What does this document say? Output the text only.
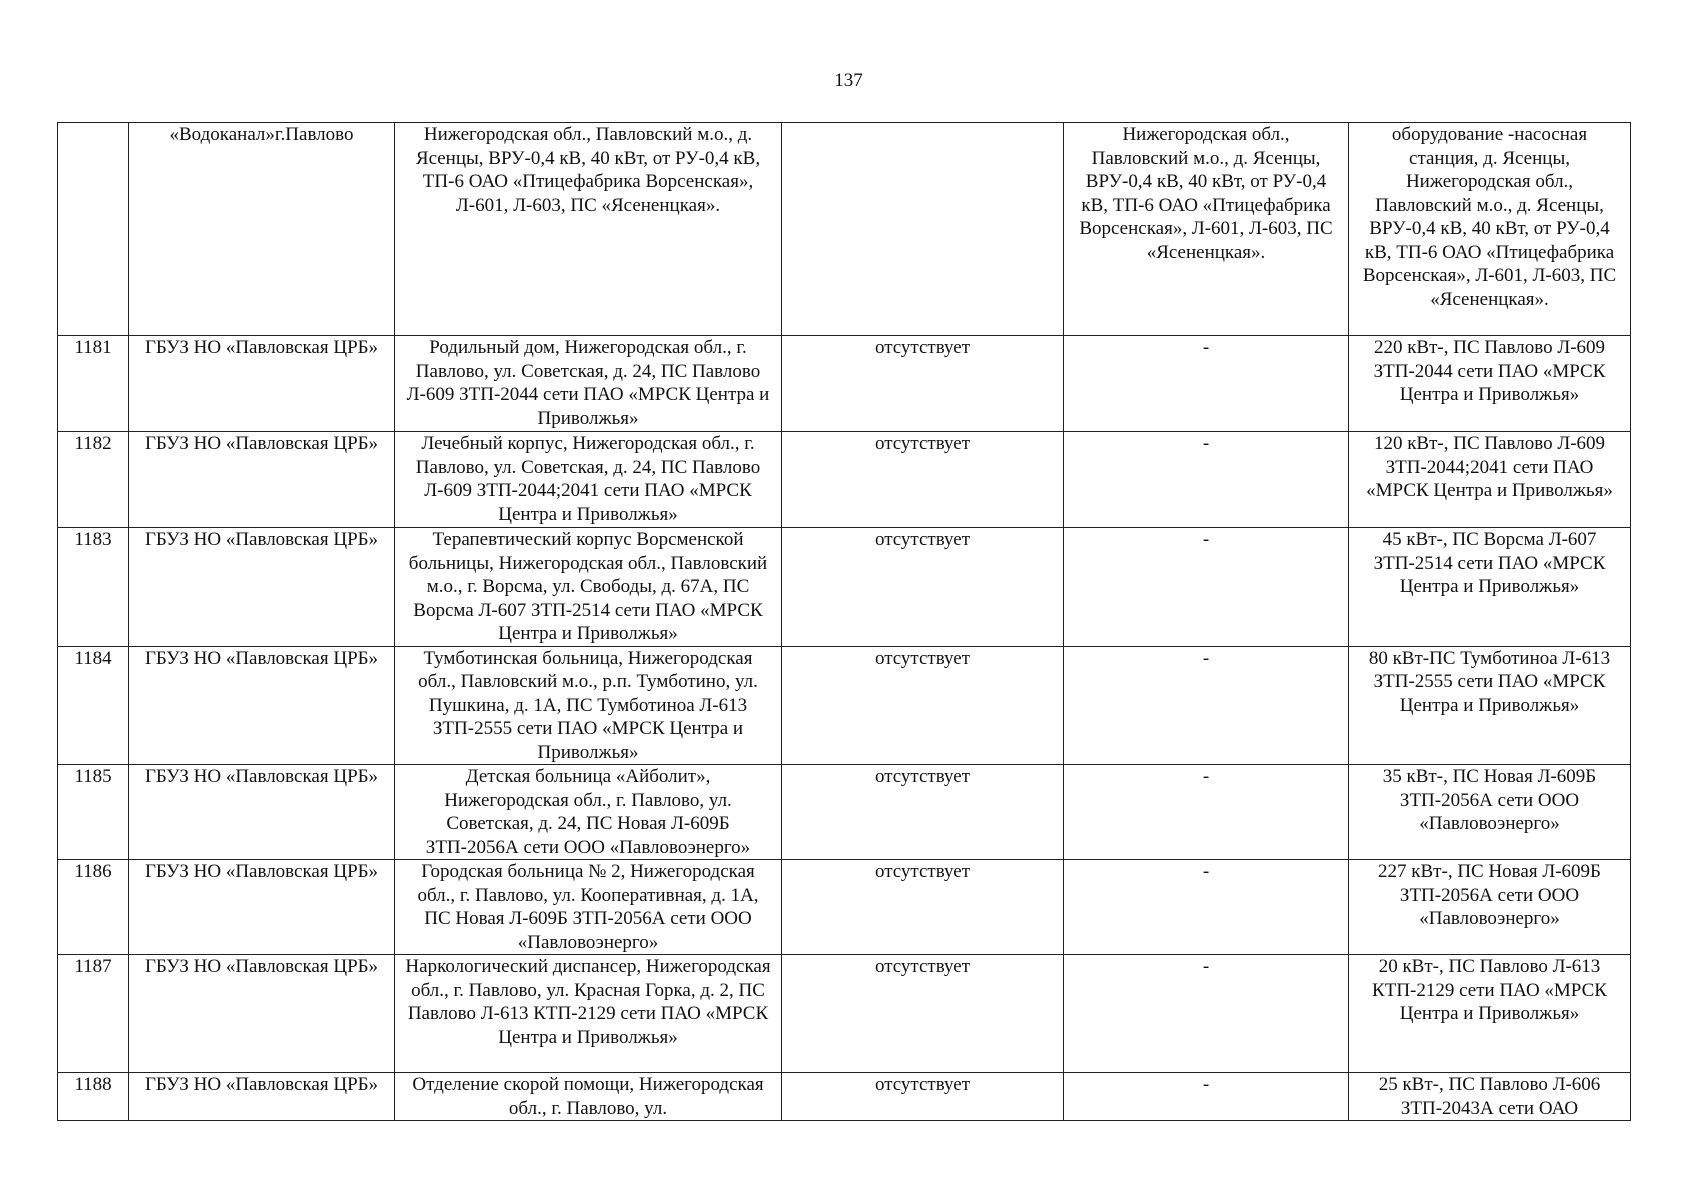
137
	«Водоканал»г.Павлово	Нижегородская обл., Павловский м.о., д. Ясенцы, ВРУ-0,4 кВ, 40 кВт, от РУ-0,4 кВ, ТП-6 ОАО «Птицефабрика Ворсенская», Л-601, Л-603, ПС «Ясененцкая».		Нижегородская обл., Павловский м.о., д. Ясенцы, ВРУ-0,4 кВ, 40 кВт, от РУ-0,4 кВ, ТП-6 ОАО «Птицефабрика Ворсенская», Л-601, Л-603, ПС «Ясененцкая».	оборудование -насосная станция, д. Ясенцы, Нижегородская обл., Павловский м.о., д. Ясенцы, ВРУ-0,4 кВ, 40 кВт, от РУ-0,4 кВ, ТП-6 ОАО «Птицефабрика Ворсенская», Л-601, Л-603, ПС «Ясененцкая».
1181	ГБУЗ НО «Павловская ЦРБ»	Родильный дом, Нижегородская обл., г. Павлово, ул. Советская, д. 24, ПС Павлово Л-609 ЗТП-2044 сети ПАО «МРСК Центра и Приволжья»	отсутствует	-	220 кВт-, ПС Павлово Л-609 ЗТП-2044 сети ПАО «МРСК Центра и Приволжья»
1182	ГБУЗ НО «Павловская ЦРБ»	Лечебный корпус, Нижегородская обл., г. Павлово, ул. Советская, д. 24, ПС Павлово Л-609 ЗТП-2044;2041 сети ПАО «МРСК Центра и Приволжья»	отсутствует	-	120 кВт-, ПС Павлово Л-609 ЗТП-2044;2041 сети ПАО «МРСК Центра и Приволжья»
1183	ГБУЗ НО «Павловская ЦРБ»	Терапевтический корпус Ворсменской больницы, Нижегородская обл., Павловский м.о., г. Ворсма, ул. Свободы, д. 67А, ПС Ворсма Л-607 ЗТП-2514 сети ПАО «МРСК Центра и Приволжья»	отсутствует	-	45 кВт-, ПС Ворсма Л-607 ЗТП-2514 сети ПАО «МРСК Центра и Приволжья»
1184	ГБУЗ НО «Павловская ЦРБ»	Тумботинская больница, Нижегородская обл., Павловский м.о., р.п. Тумботино, ул. Пушкина, д. 1А, ПС Тумботиноа Л-613 ЗТП-2555 сети ПАО «МРСК Центра и Приволжья»	отсутствует	-	80 кВт-ПС Тумботиноа Л-613 ЗТП-2555 сети ПАО «МРСК Центра и Приволжья»
1185	ГБУЗ НО «Павловская ЦРБ»	Детская больница «Айболит», Нижегородская обл., г. Павлово, ул. Советская, д. 24, ПС Новая Л-609Б ЗТП-2056А сети ООО «Павловоэнерго»	отсутствует	-	35 кВт-, ПС Новая Л-609Б ЗТП-2056А сети ООО «Павловоэнерго»
1186	ГБУЗ НО «Павловская ЦРБ»	Городская больница № 2, Нижегородская обл., г. Павлово, ул. Кооперативная, д. 1А, ПС Новая Л-609Б ЗТП-2056А сети ООО «Павловоэнерго»	отсутствует	-	227 кВт-, ПС Новая Л-609Б ЗТП-2056А сети ООО «Павловоэнерго»
1187	ГБУЗ НО «Павловская ЦРБ»	Наркологический диспансер, Нижегородская обл., г. Павлово, ул. Красная Горка, д. 2, ПС Павлово Л-613 КТП-2129 сети ПАО «МРСК Центра и Приволжья»	отсутствует	-	20 кВт-, ПС Павлово Л-613 КТП-2129 сети ПАО «МРСК Центра и Приволжья»
1188	ГБУЗ НО «Павловская ЦРБ»	Отделение скорой помощи, Нижегородская обл., г. Павлово, ул.	отсутствует	-	25 кВт-, ПС Павлово Л-606 ЗТП-2043А сети ОАО
